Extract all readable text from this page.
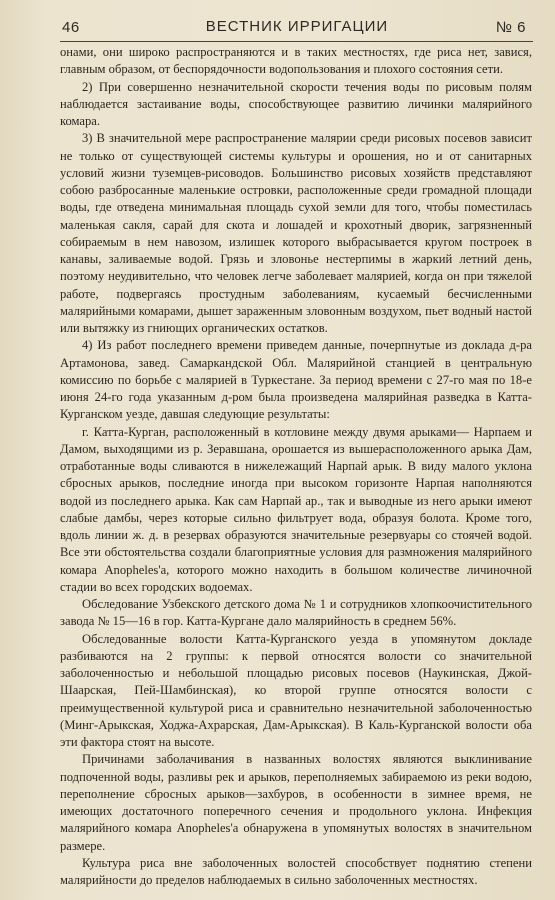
46	ВЕСТНИК ИРРИГАЦИИ	№ 6

онами, они широко распространяются и в таких местностях, где риса нет, завися, главным образом, от беспорядочности водопользования и плохого состояния сети.

2) При совершенно незначительной скорости течения воды по рисовым полям наблюдается застаивание воды, способствующее развитию личинки малярийного комара.

3) В значительной мере распространение малярии среди рисовых посевов зависит не только от существующей системы культуры и орошения, но и от санитарных условий жизни туземцев-рисоводов. Большинство рисовых хозяйств представляют собою разбросанные маленькие островки, расположенные среди громадной площади воды, где отведена минимальная площадь сухой земли для того, чтобы поместилась маленькая сакля, сарай для скота и лошадей и крохотный дворик, загрязненный собираемым в нем навозом, излишек которого выбрасывается кругом построек в канавы, заливаемые водой. Грязь и зловонье нестерпимы в жаркий летний день, поэтому неудивительно, что человек легче заболевает малярией, когда он при тяжелой работе, подвергаясь простудным заболеваниям, кусаемый бесчисленными малярийными комарами, дышет зараженным зловонным воздухом, пьет водный настой или вытяжку из гниющих органических остатков.

4) Из работ последнего времени приведем данные, почерпнутые из доклада д-ра Артамонова, завед. Самаркандской Обл. Малярийной станцией в центральную комиссию по борьбе с малярией в Туркестане. За период времени с 27-го мая по 18-е июня 24-го года указанным д-ром была произведена малярийная разведка в Катта-Курганском уезде, давшая следующие результаты:

г. Катта-Курган, расположенный в котловине между двумя арыками— Нарпаем и Дамом, выходящими из р. Зеравшана, орошается из вышерасположенного арыка Дам, отработанные воды сливаются в нижележащий Нарпай арык. В виду малого уклона сбросных арыков, последние иногда при высоком горизонте Нарпая наполняются водой из последнего арыка. Как сам Нарпай ар., так и выводные из него арыки имеют слабые дамбы, через которые сильно фильтрует вода, образуя болота. Кроме того, вдоль линии ж. д. в резервах образуются значительные резервуары со стоячей водой. Все эти обстоятельства создали благоприятные условия для размножения малярийного комара Anopheles'а, которого можно находить в большом количестве личиночной стадии во всех городских водоемах.

Обследование Узбекского детского дома № 1 и сотрудников хлопкоочистительного завода № 15—16 в гор. Катта-Кургане дало малярийность в среднем 56%.

Обследованные волости Катта-Курганского уезда в упомянутом докладе разбиваются на 2 группы: к первой относятся волости со значительной заболоченностью и небольшой площадью рисовых посевов (Наукинская, Джой-Шаарская, Пей-Шамбинская), ко второй группе относятся волости с преимущественной культурой риса и сравнительно незначительной заболоченностью (Минг-Арыкская, Ходжа-Ахрарская, Дам-Арыкская). В Каль-Курганской волости оба эти фактора стоят на высоте.

Причинами заболачивания в названных волостях являются выклинивание подпоченной воды, разливы рек и арыков, переполняемых забираемою из реки водою, переполнение сбросных арыков—захбуров, в особенности в зимнее время, не имеющих достаточного поперечного сечения и продольного уклона. Инфекция малярийного комара Anopheles'а обнаружена в упомянутых волостях в значительном размере.

Культура риса вне заболоченных волостей способствует поднятию степени малярийности до пределов наблюдаемых в сильно заболоченных местностях.
